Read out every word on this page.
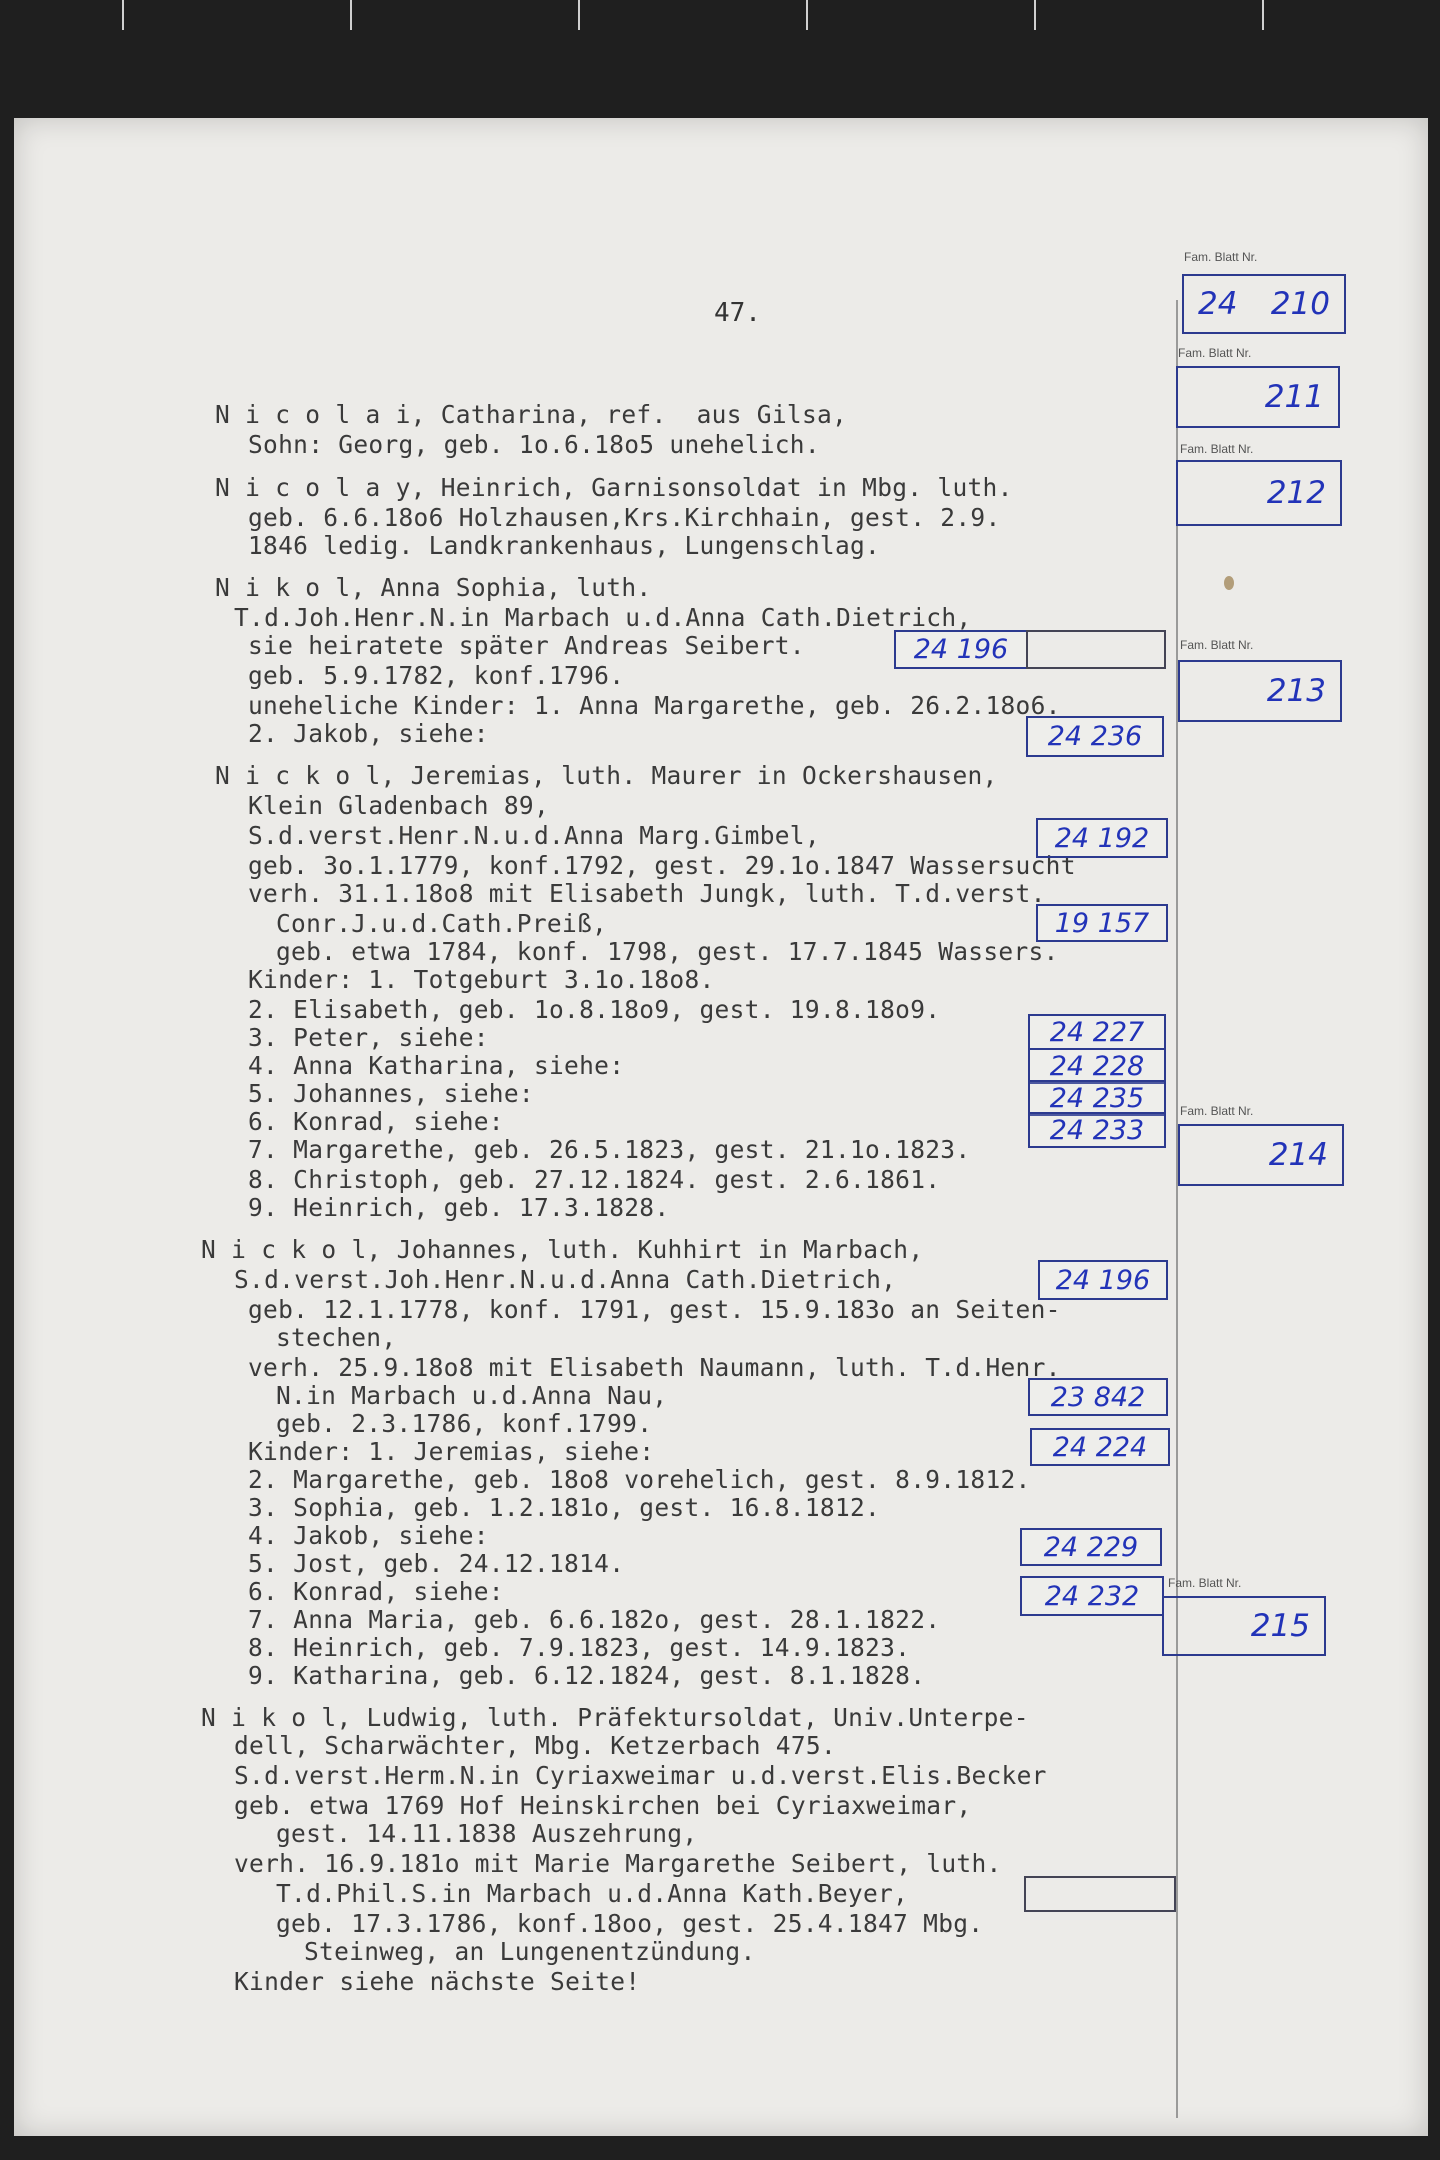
47.
N i c o l a i, Catharina, ref.  aus Gilsa,
Sohn: Georg, geb. 1o.6.18o5 unehelich.
N i c o l a y, Heinrich, Garnisonsoldat in Mbg. luth.
geb. 6.6.18o6 Holzhausen,Krs.Kirchhain, gest. 2.9.
1846 ledig. Landkrankenhaus, Lungenschlag.
N i k o l, Anna Sophia, luth.
T.d.Joh.Henr.N.in Marbach u.d.Anna Cath.Dietrich,
sie heiratete später Andreas Seibert.
geb. 5.9.1782, konf.1796.
uneheliche Kinder: 1. Anna Margarethe, geb. 26.2.18o6.
2. Jakob, siehe:
N i c k o l, Jeremias, luth. Maurer in Ockershausen,
Klein Gladenbach 89,
S.d.verst.Henr.N.u.d.Anna Marg.Gimbel,
geb. 3o.1.1779, konf.1792, gest. 29.1o.1847 Wassersucht
verh. 31.1.18o8 mit Elisabeth Jungk, luth. T.d.verst.
Conr.J.u.d.Cath.Preiß,
geb. etwa 1784, konf. 1798, gest. 17.7.1845 Wassers.
Kinder: 1. Totgeburt 3.1o.18o8.
2. Elisabeth, geb. 1o.8.18o9, gest. 19.8.18o9.
3. Peter, siehe:
4. Anna Katharina, siehe:
5. Johannes, siehe:
6. Konrad, siehe:
7. Margarethe, geb. 26.5.1823, gest. 21.1o.1823.
8. Christoph, geb. 27.12.1824. gest. 2.6.1861.
9. Heinrich, geb. 17.3.1828.
N i c k o l, Johannes, luth. Kuhhirt in Marbach,
S.d.verst.Joh.Henr.N.u.d.Anna Cath.Dietrich,
geb. 12.1.1778, konf. 1791, gest. 15.9.183o an Seiten-
stechen,
verh. 25.9.18o8 mit Elisabeth Naumann, luth. T.d.Henr.
N.in Marbach u.d.Anna Nau,
geb. 2.3.1786, konf.1799.
Kinder: 1. Jeremias, siehe:
2. Margarethe, geb. 18o8 vorehelich, gest. 8.9.1812.
3. Sophia, geb. 1.2.181o, gest. 16.8.1812.
4. Jakob, siehe:
5. Jost, geb. 24.12.1814.
6. Konrad, siehe:
7. Anna Maria, geb. 6.6.182o, gest. 28.1.1822.
8. Heinrich, geb. 7.9.1823, gest. 14.9.1823.
9. Katharina, geb. 6.12.1824, gest. 8.1.1828.
N i k o l, Ludwig, luth. Präfektursoldat, Univ.Unterpe-
dell, Scharwächter, Mbg. Ketzerbach 475.
S.d.verst.Herm.N.in Cyriaxweimar u.d.verst.Elis.Becker
geb. etwa 1769 Hof Heinskirchen bei Cyriaxweimar,
gest. 14.11.1838 Auszehrung,
verh. 16.9.181o mit Marie Margarethe Seibert, luth.
T.d.Phil.S.in Marbach u.d.Anna Kath.Beyer,
geb. 17.3.1786, konf.18oo, gest. 25.4.1847 Mbg.
Steinweg, an Lungenentzündung.
Kinder siehe nächste Seite!
24 196
24 236
24 192
19 157
24 227
24 228
24 235
24 233
24 196
23 842
24 224
24 229
24 232
Fam. Blatt Nr.
24 210
Fam. Blatt Nr.
211
Fam. Blatt Nr.
212
Fam. Blatt Nr.
213
Fam. Blatt Nr.
214
Fam. Blatt Nr.
215
